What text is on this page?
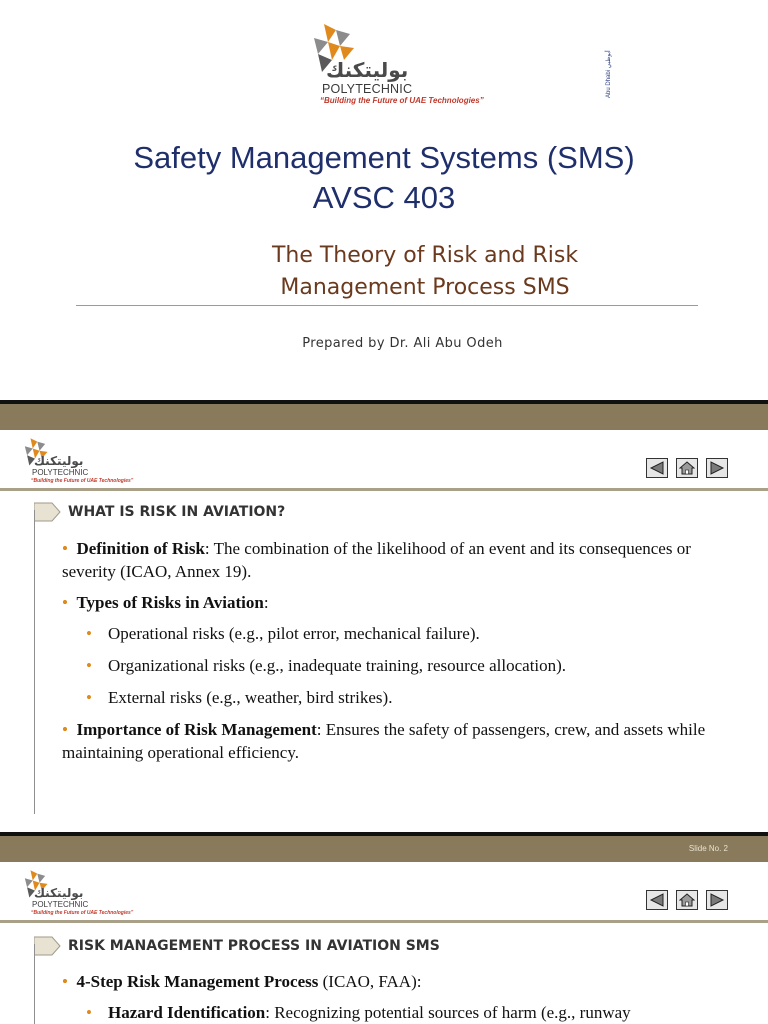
Abu Dhabi أبوظبي
بوليتكنك
POLYTECHNIC
“Building the Future of UAE Technologies”
Safety Management Systems (SMS)
AVSC 403
The Theory of Risk and Risk
Management Process SMS
Prepared by Dr. Ali Abu Odeh
بوليتكنك
POLYTECHNIC
“Building the Future of UAE Technologies”
WHAT IS RISK IN AVIATION?
• • Definition of Risk: The combination of the likelihood of an event and its consequences or severity (ICAO, Annex 19).
• • Types of Risks in Aviation:
• Operational risks (e.g., pilot error, mechanical failure).
• Organizational risks (e.g., inadequate training, resource allocation).
• External risks (e.g., weather, bird strikes).
• • Importance of Risk Management: Ensures the safety of passengers, crew, and assets while maintaining operational efficiency.
Slide No. 2
بوليتكنك
POLYTECHNIC
“Building the Future of UAE Technologies”
RISK MANAGEMENT PROCESS IN AVIATION SMS
• • 4-Step Risk Management Process (ICAO, FAA):
• Hazard Identification: Recognizing potential sources of harm (e.g., runway
